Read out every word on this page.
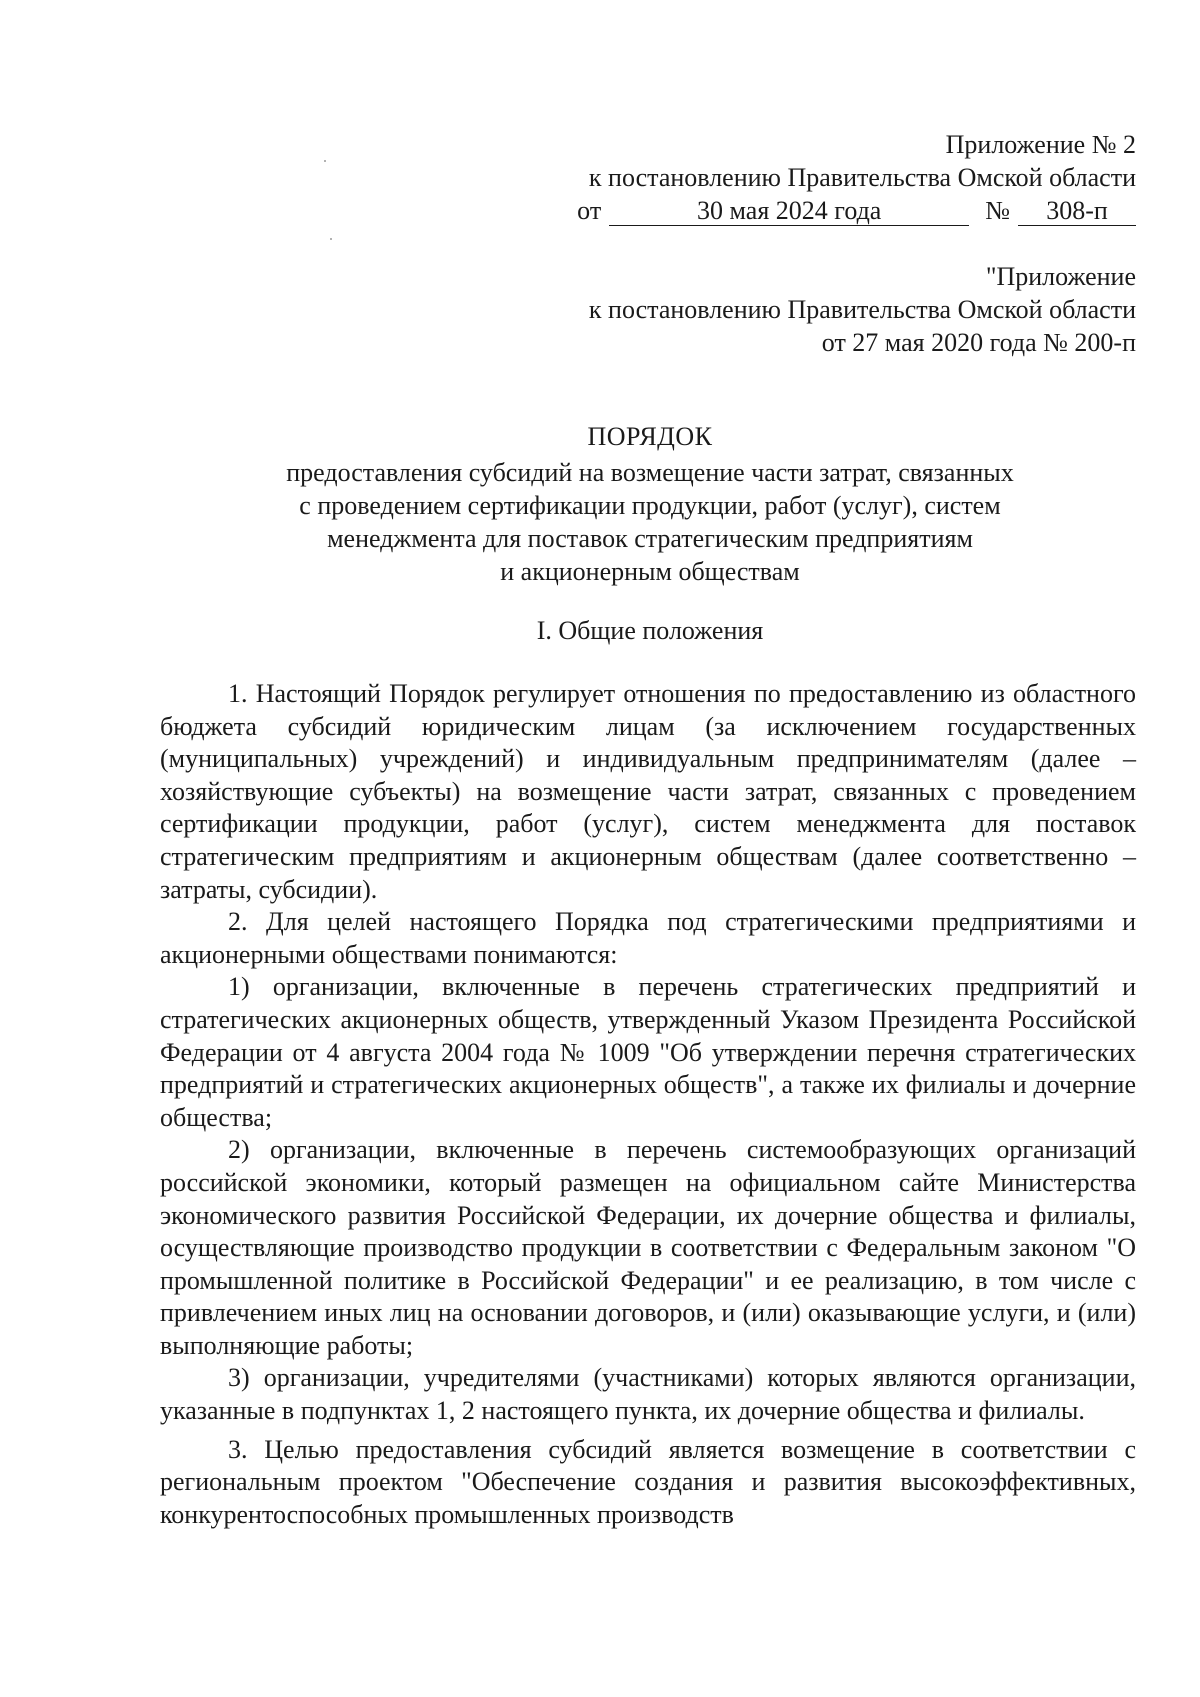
Приложение № 2
к постановлению Правительства Омской области
от	30 мая 2024 года	№ 308-п
"Приложение
к постановлению Правительства Омской области
от 27 мая 2020 года № 200-п
ПОРЯДОК
предоставления субсидий на возмещение части затрат, связанных
с проведением сертификации продукции, работ (услуг), систем
менеджмента для поставок стратегическим предприятиям
и акционерным обществам
I. Общие положения

1. Настоящий Порядок регулирует отношения по предоставлению из областного бюджета субсидий юридическим лицам (за исключением государственных (муниципальных) учреждений) и индивидуальным предпринимателям (далее – хозяйствующие субъекты) на возмещение части затрат, связанных с проведением сертификации продукции, работ (услуг), систем менеджмента для поставок стратегическим предприятиям и акционерным обществам (далее соответственно – затраты, субсидии).

2. Для целей настоящего Порядка под стратегическими предприятиями и акционерными обществами понимаются:

1) организации, включенные в перечень стратегических предприятий и стратегических акционерных обществ, утвержденный Указом Президента Российской Федерации от 4 августа 2004 года № 1009 "Об утверждении перечня стратегических предприятий и стратегических акционерных обществ", а также их филиалы и дочерние общества;

2) организации, включенные в перечень системообразующих организаций российской экономики, который размещен на официальном сайте Министерства экономического развития Российской Федерации, их дочерние общества и филиалы, осуществляющие производство продукции в соответствии с Федеральным законом "О промышленной политике в Российской Федерации" и ее реализацию, в том числе с привлечением иных лиц на основании договоров, и (или) оказывающие услуги, и (или) выполняющие работы;

3) организации, учредителями (участниками) которых являются организации, указанные в подпунктах 1, 2 настоящего пункта, их дочерние общества и филиалы.

3. Целью предоставления субсидий является возмещение в соответствии с региональным проектом "Обеспечение создания и развития высокоэффективных, конкурентоспособных промышленных производств
